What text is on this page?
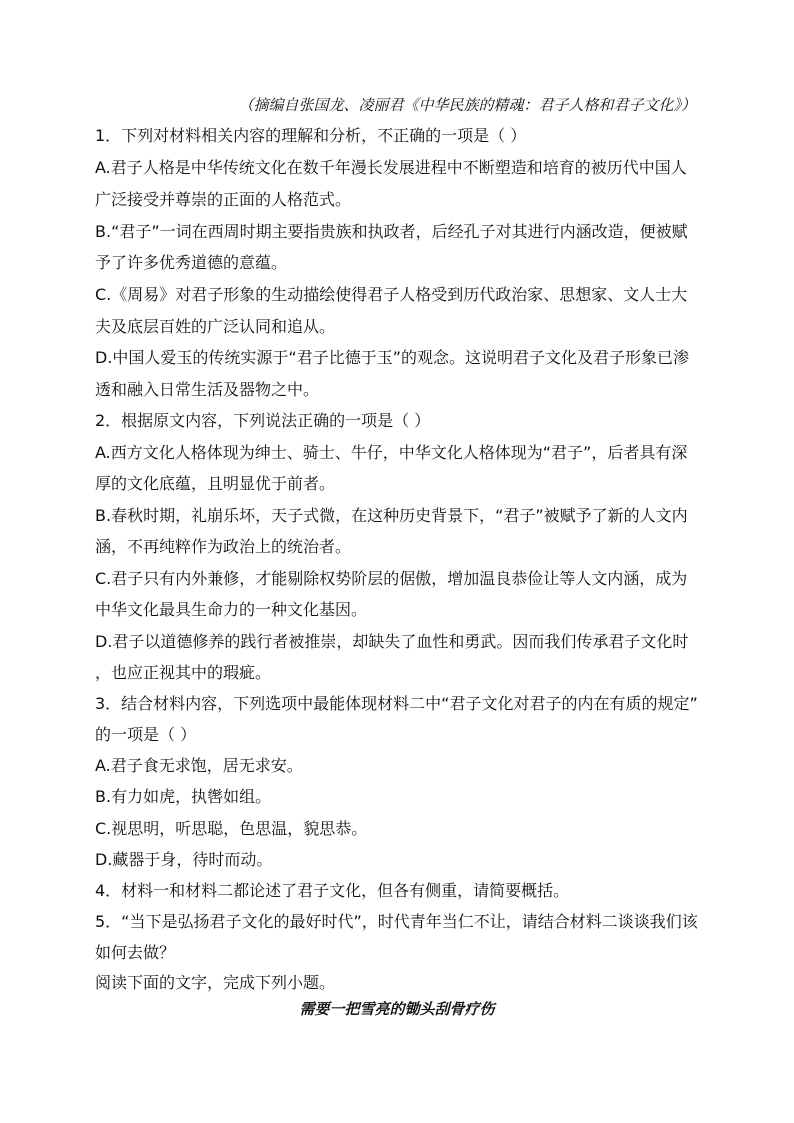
（摘编自张国龙、凌丽君《中华民族的精魂：君子人格和君子文化》）
1．下列对材料相关内容的理解和分析，不正确的一项是（ ）
A.君子人格是中华传统文化在数千年漫长发展进程中不断塑造和培育的被历代中国人
广泛接受并尊崇的正面的人格范式。
B.“君子”一词在西周时期主要指贵族和执政者，后经孔子对其进行内涵改造，便被赋
予了许多优秀道德的意蕴。
C.《周易》对君子形象的生动描绘使得君子人格受到历代政治家、思想家、文人士大
夫及底层百姓的广泛认同和追从。
D.中国人爱玉的传统实源于“君子比德于玉”的观念。这说明君子文化及君子形象已渗
透和融入日常生活及器物之中。
2．根据原文内容，下列说法正确的一项是（ ）
A.西方文化人格体现为绅士、骑士、牛仔，中华文化人格体现为“君子”，后者具有深
厚的文化底蕴，且明显优于前者。
B.春秋时期，礼崩乐坏，天子式微，在这种历史背景下，“君子”被赋予了新的人文内
涵，不再纯粹作为政治上的统治者。
C.君子只有内外兼修，才能剔除权势阶层的倨傲，增加温良恭俭让等人文内涵，成为
中华文化最具生命力的一种文化基因。
D.君子以道德修养的践行者被推崇，却缺失了血性和勇武。因而我们传承君子文化时
，也应正视其中的瑕疵。
3．结合材料内容，下列选项中最能体现材料二中“君子文化对君子的内在有质的规定”
的一项是（ ）
A.君子食无求饱，居无求安。
B.有力如虎，执辔如组。
C.视思明，听思聪，色思温，貌思恭。
D.藏器于身，待时而动。
4．材料一和材料二都论述了君子文化，但各有侧重，请简要概括。
5．“当下是弘扬君子文化的最好时代”，时代青年当仁不让，请结合材料二谈谈我们该
如何去做？
阅读下面的文字，完成下列小题。
需要一把雪亮的锄头刮骨疗伤
